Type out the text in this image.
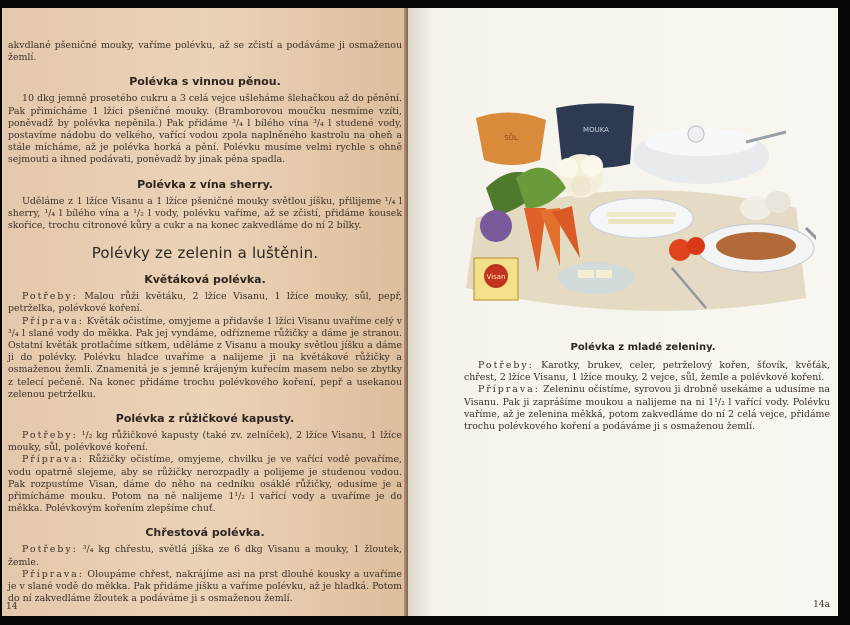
akvdlané pšeničné mouky, vaříme polévku, až se zčistí a podáváme ji osmaženou žemlí.

Polévka s vinnou pěnou.

10 dkg jemně prosetého cukru a 3 celá vejce ušleháme šlehačkou až do pěnění. Pak přimícháme 1 lžíci pšeničné mouky. (Bramborovou moučku nesmíme vzíti, poněvadž by polévka nepěnila.) Pak přidáme ³/₄ l bílého vína ³/₄ l studené vody, postavíme nádobu do velkého, vařící vodou zpola naplněného kastrolu na oheň a stále mícháme, až je polévka horká a pění. Polévku musíme velmi rychle s ohně sejmouti a ihned podávati, poněvadž by jinak pěna spadla.

Polévka z vína sherry.

Uděláme z 1 lžíce Visanu a 1 lžíce pšeničné mouky světlou jíšku, přilijeme ¹/₄ l sherry, ¹/₄ l bílého vína a ¹/₂ l vody, polévku vaříme, až se zčistí, přidáme kousek skořice, trochu citronové kůry a cukr a na konec zakvedláme do ní 2 bílky.

Polévky ze zelenin a luštěnin.
Květáková polévka.

Potřeby: Malou růži květáku, 2 lžíce Visanu, 1 lžíce mouky, sůl, pepř, petrželka, polévkové koření.

Příprava: Květák očistíme, omyjeme a přidavše 1 lžíci Visanu uvaříme celý v ³/₄ l slané vody do měkka. Pak jej vyndáme, odřízneme růžičky a dáme je stranou. Ostatní květák protlačíme sítkem, uděláme z Visanu a mouky světlou jíšku a dáme ji do polévky. Polévku hladce uvaříme a nalijeme ji na květákové růžičky a osmaženou žemli. Znamenitá je s jemně krájeným kuřecím masem nebo se zbytky z telecí pečeně. Na konec přidáme trochu polévkového koření, pepř a usekanou zelenou petrželku.

Polévka z růžičkové kapusty.

Potřeby: ¹/₂ kg růžičkové kapusty (také zv. zelníček), 2 lžíce Visanu, 1 lžíce mouky, sůl, polévkové koření.

Příprava: Růžičky očistíme, omyjeme, chvilku je ve vařící vodě povaříme, vodu opatrně slejeme, aby se růžičky nerozpadly a polijeme je studenou vodou. Pak rozpustíme Visan, dáme do něho na cedníku osáklé růžičky, odusíme je a přimícháme mouku. Potom na ně nalijeme 1¹/₂ l vařící vody a uvaříme je do měkka. Polévkovým kořením zlepšíme chuť.

Chřestová polévka.

Potřeby: ³/₄ kg chřestu, světlá jíška ze 6 dkg Visanu a mouky, 1 žloutek, žemle.

Příprava: Oloupáme chřest, nakrájíme asi na prst dlouhé kousky a uvaříme je v slané vodě do měkka. Pak přidáme jíšku a vaříme polévku, až je hladká. Potom do ní zakvedláme žloutek a podáváme ji s osmaženou žemlí.

14
SŮL
MOUKA
Visan
Polévka z mladé zeleniny.

Potřeby: Karotky, brukev, celer, petrželový kořen, šťovík, kvěťák, chřest, 2 lžíce Visanu, 1 lžíce mouky, 2 vejce, sůl, žemle a polévkové koření.

Příprava: Zeleninu očistíme, syrovou ji drobně usekáme a udusíme na Visanu. Pak ji zaprášíme moukou a nalijeme na ni 1¹/₂ l vařící vody. Polévku vaříme, až je zelenina měkká, potom zakvedláme do ní 2 celá vejce, přidáme trochu polévkového koření a podáváme ji s osmaženou žemlí.

14a
